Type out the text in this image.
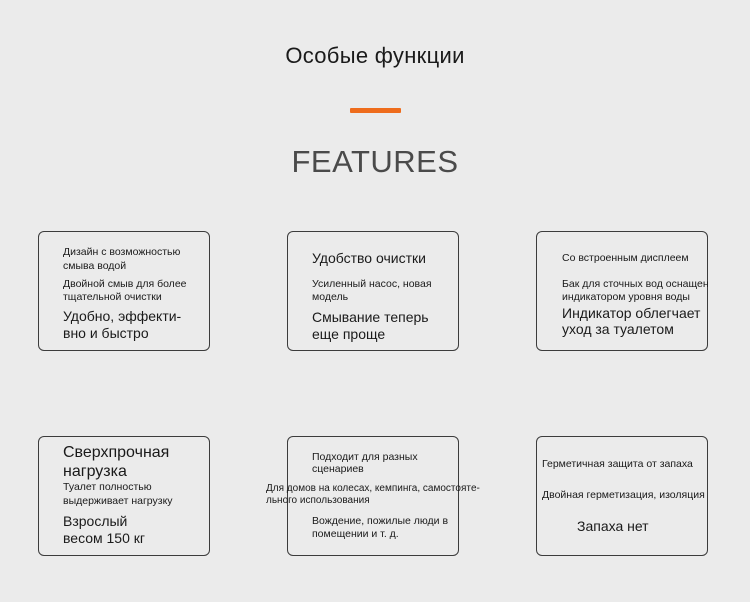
Особые функции
FEATURES
Дизайн с возможностью
смыва водой
Двойной смыв для более
тщательной очистки
Удобно, эффекти-
вно и быстро
Удобство очистки
Усиленный насос, новая
модель
Смывание теперь
еще проще
Со встроенным дисплеем
Бак для сточных вод оснащен
индикатором уровня воды
Индикатор облегчает
уход за туалетом
Сверхпрочная
нагрузка
Туалет полностью
выдерживает нагрузку
Взрослый
весом 150 кг
Подходит для разных
сценариев
Для домов на колесах, кемпинга, самостоятe-
льного использования
Вождение, пожилые люди в
помещении и т. д.
Герметичная защита от запаха
Двойная герметизация, изоляция
Запаха нет
